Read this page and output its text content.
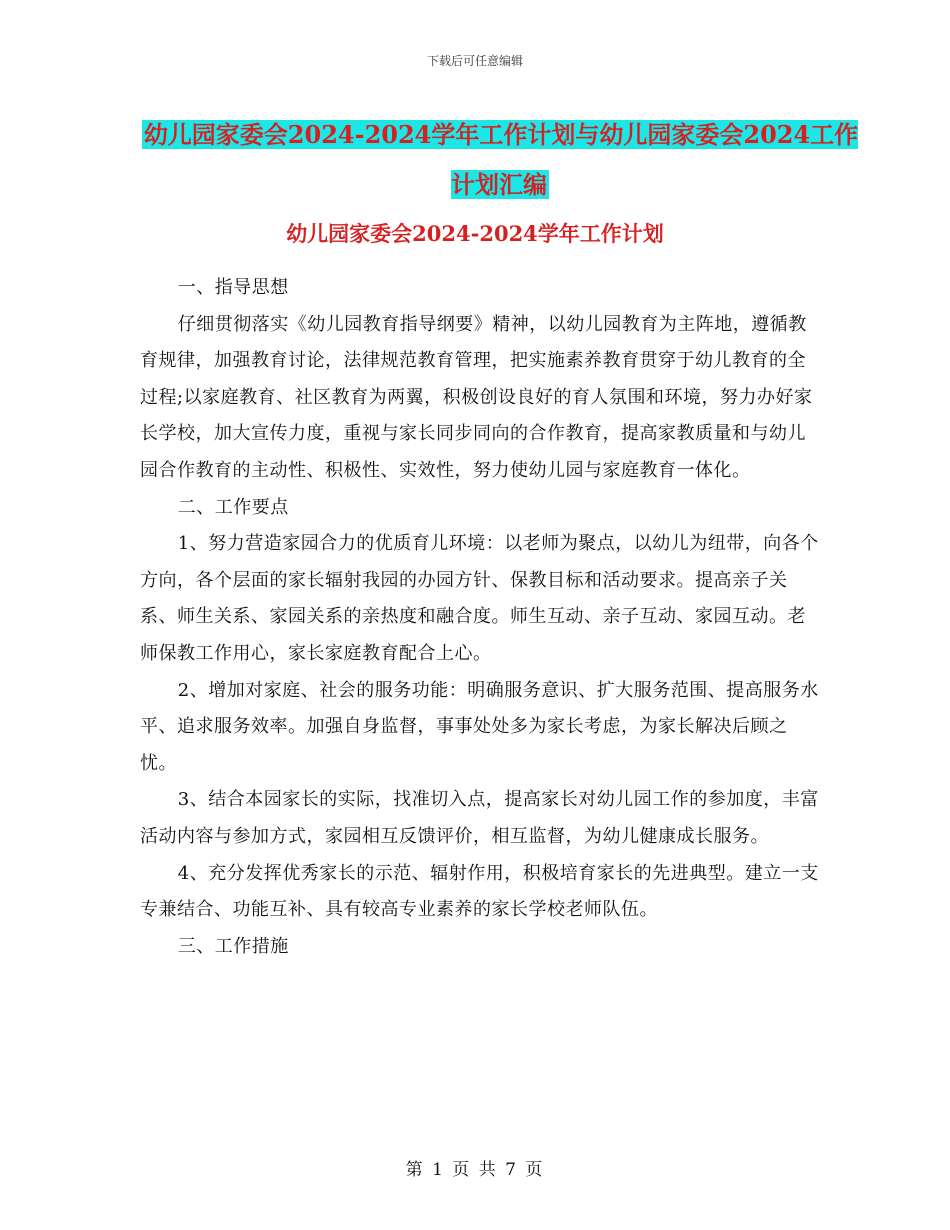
下载后可任意编辑
幼儿园家委会2024-2024学年工作计划与幼儿园家委会2024工作计划汇编
幼儿园家委会2024-2024学年工作计划

一、指导思想

仔细贯彻落实《幼儿园教育指导纲要》精神，以幼儿园教育为主阵地，遵循教育规律，加强教育讨论，法律规范教育管理，把实施素养教育贯穿于幼儿教育的全过程;以家庭教育、社区教育为两翼，积极创设良好的育人氛围和环境，努力办好家长学校，加大宣传力度，重视与家长同步同向的合作教育，提高家教质量和与幼儿园合作教育的主动性、积极性、实效性，努力使幼儿园与家庭教育一体化。

二、工作要点

1、努力营造家园合力的优质育儿环境：以老师为聚点，以幼儿为纽带，向各个方向，各个层面的家长辐射我园的办园方针、保教目标和活动要求。提高亲子关系、师生关系、家园关系的亲热度和融合度。师生互动、亲子互动、家园互动。老师保教工作用心，家长家庭教育配合上心。

2、增加对家庭、社会的服务功能：明确服务意识、扩大服务范围、提高服务水平、追求服务效率。加强自身监督，事事处处多为家长考虑，为家长解决后顾之忧。

3、结合本园家长的实际，找准切入点，提高家长对幼儿园工作的参加度，丰富活动内容与参加方式，家园相互反馈评价，相互监督，为幼儿健康成长服务。

4、充分发挥优秀家长的示范、辐射作用，积极培育家长的先进典型。建立一支专兼结合、功能互补、具有较高专业素养的家长学校老师队伍。

三、工作措施

第 1 页 共 7 页
